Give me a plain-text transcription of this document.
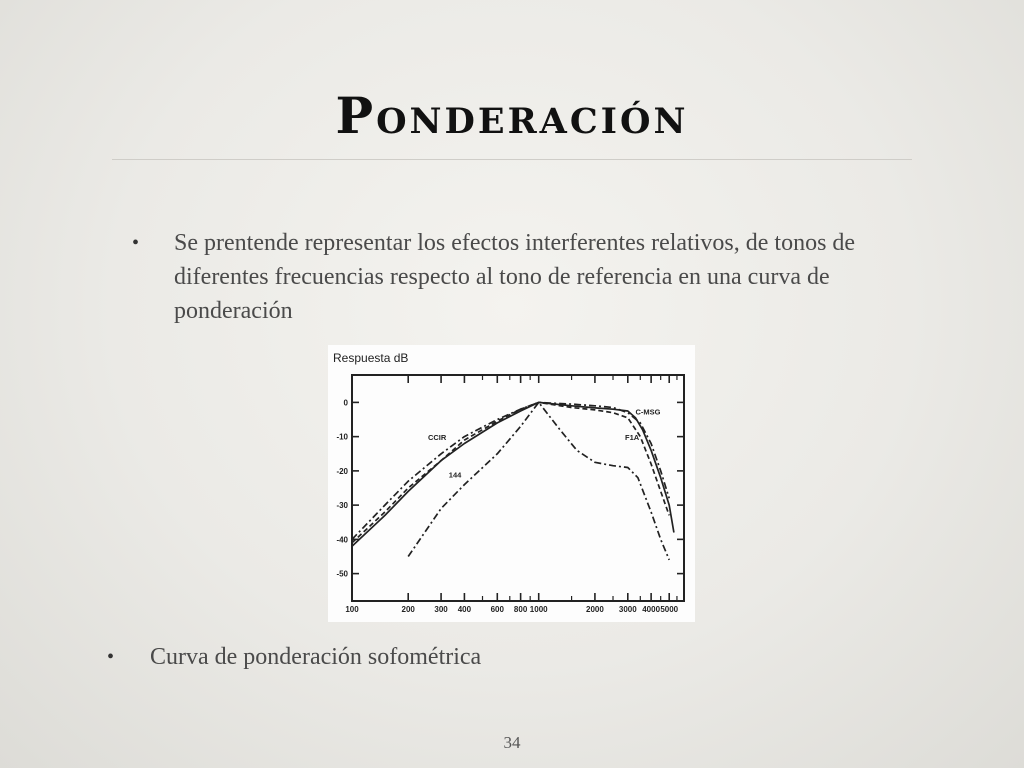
Ponderación
• Se prentende representar los efectos interferentes relativos, de tonos de diferentes frecuencias respecto al tono de referencia en una curva de ponderación
Respuesta dB
100	200 300 400 600 800 1000	2000 3000 4000 5000
0
-10
-20
-30
-40
-50
C-MSG
CCIR	F1A
144
• Curva de ponderación sofométrica
34
